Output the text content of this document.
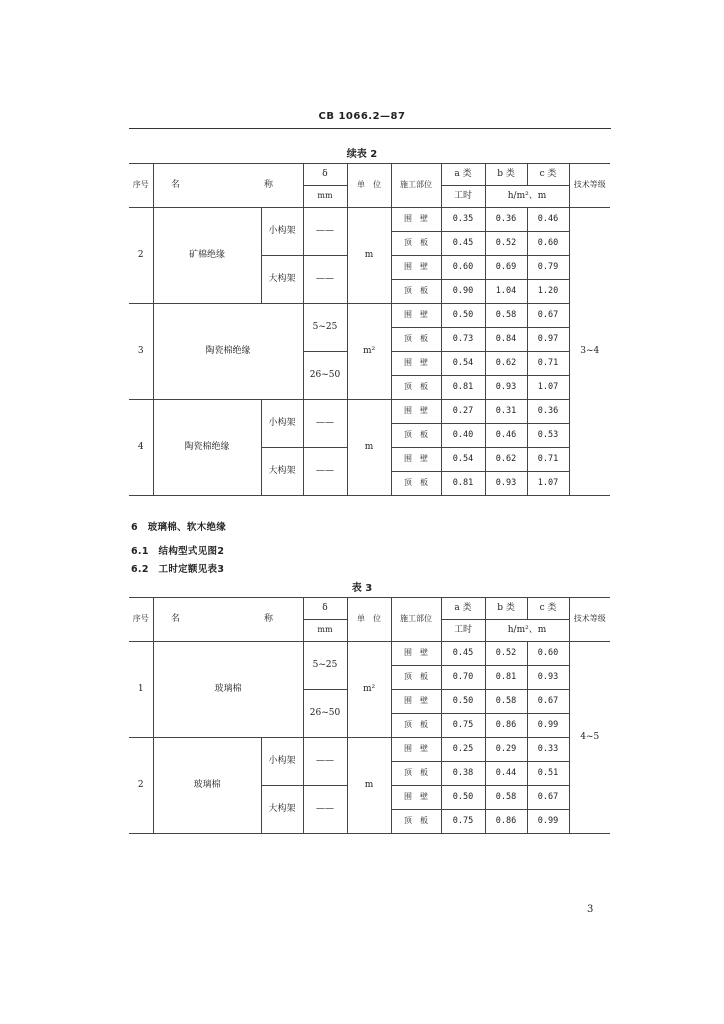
CB 1066.2—87
续表 2
序号	名　　称		δ	单　位	施工部位	a 类	b 类	c 类	技术等级
			mm			工时	h/m²、m		
2	矿棉绝缘	小构架	——	m	围　壁	0.35	0.36	0.46	3~4
					顶　板	0.45	0.52	0.60	
		大构架	——		围　壁	0.60	0.69	0.79	
					顶　板	0.90	1.04	1.20	
3	陶瓷棉绝缘		5~25	m²	围　壁	0.50	0.58	0.67	
					顶　板	0.73	0.84	0.97	
			26~50		围　壁	0.54	0.62	0.71	
					顶　板	0.81	0.93	1.07	
4	陶瓷棉绝缘	小构架	——	m	围　壁	0.27	0.31	0.36	
					顶　板	0.40	0.46	0.53	
		大构架	——		围　壁	0.54	0.62	0.71	
					顶　板	0.81	0.93	1.07	
6　玻璃棉、软木绝缘
6.1　结构型式见图2
6.2　工时定额见表3
表 3
序号	名　　称		δ	单　位	施工部位	a 类	b 类	c 类	技术等级
			mm			工时	h/m²、m		
1	玻璃棉		5~25	m²	围　壁	0.45	0.52	0.60	4~5
					顶　板	0.70	0.81	0.93	
			26~50		围　壁	0.50	0.58	0.67	
					顶　板	0.75	0.86	0.99	
2	玻璃棉	小构架	——	m	围　壁	0.25	0.29	0.33	
					顶　板	0.38	0.44	0.51	
		大构架	——		围　壁	0.50	0.58	0.67	
					顶　板	0.75	0.86	0.99	
3
